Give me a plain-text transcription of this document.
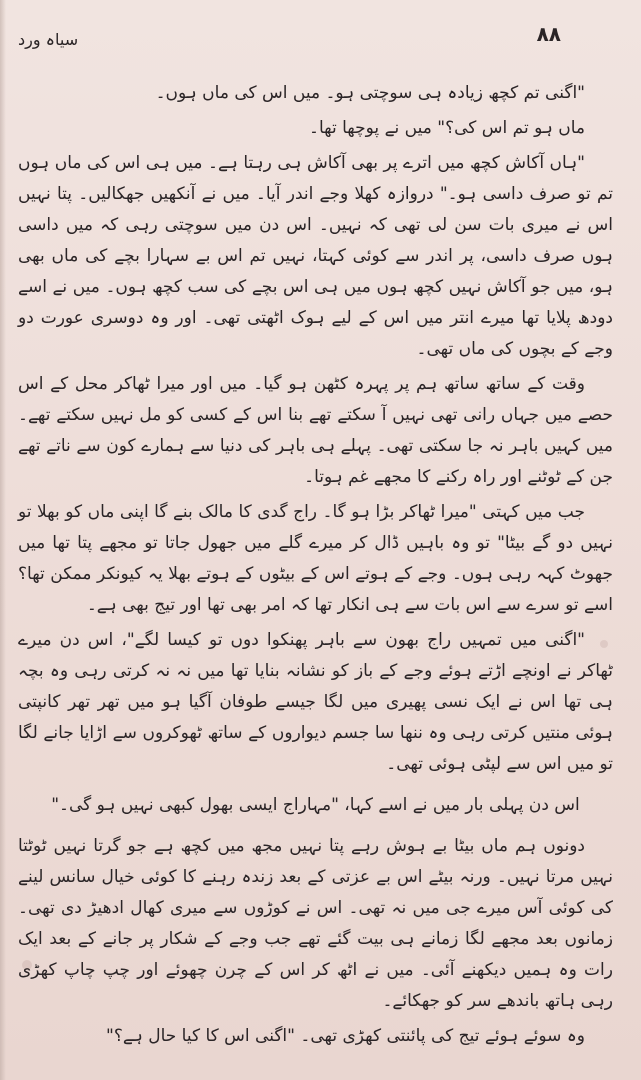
سیاہ ورد	۸۸

"اگنی تم کچھ زیادہ ہی سوچتی ہو۔ میں اس کی ماں ہوں۔

ماں ہو تم اس کی؟" میں نے پوچھا تھا۔

"ہاں آکاش کچھ میں اترے پر بھی آکاش ہی رہتا ہے۔ میں ہی اس کی ماں ہوں تم تو صرف داسی ہو۔" دروازہ کھلا وجے اندر آیا۔ میں نے آنکھیں جھکالیں۔ پتا نہیں اس نے میری بات سن لی تھی کہ نہیں۔ اس دن میں سوچتی رہی کہ میں داسی ہوں صرف داسی، پر اندر سے کوئی کہتا، نہیں تم اس بے سہارا بچے کی ماں بھی ہو، میں جو آکاش نہیں کچھ ہوں میں ہی اس بچے کی سب کچھ ہوں۔ میں نے اسے دودھ پلایا تھا میرے انتر میں اس کے لیے ہوک اٹھتی تھی۔ اور وہ دوسری عورت دو وجے کے بچوں کی ماں تھی۔

وقت کے ساتھ ساتھ ہم پر پہرہ کٹھن ہو گیا۔ میں اور میرا ٹھاکر محل کے اس حصے میں جہاں رانی تھی نہیں آ سکتے تھے بنا اس کے کسی کو مل نہیں سکتے تھے۔ میں کہیں باہر نہ جا سکتی تھی۔ پہلے ہی باہر کی دنیا سے ہمارے کون سے ناتے تھے جن کے ٹوٹنے اور راہ رکنے کا مجھے غم ہوتا۔

جب میں کہتی "میرا ٹھاکر بڑا ہو گا۔ راج گدی کا مالک بنے گا اپنی ماں کو بھلا تو نہیں دو گے بیٹا" تو وہ باہیں ڈال کر میرے گلے میں جھول جاتا تو مجھے پتا تھا میں جھوٹ کہہ رہی ہوں۔ وجے کے ہوتے اس کے بیٹوں کے ہوتے بھلا یہ کیونکر ممکن تھا؟ اسے تو سرے سے اس بات سے ہی انکار تھا کہ امر بھی تھا اور تیج بھی ہے۔

"اگنی میں تمہیں راج بھون سے باہر پھنکوا دوں تو کیسا لگے"، اس دن میرے ٹھاکر نے اونچے اڑتے ہوئے وجے کے باز کو نشانہ بنایا تھا میں نہ نہ کرتی رہی وہ بچہ ہی تھا اس نے ایک نسی پھیری میں لگا جیسے طوفان آگیا ہو میں تھر تھر کانپتی ہوئی منتیں کرتی رہی وہ ننھا سا جسم دیواروں کے ساتھ ٹھوکروں سے اڑایا جانے لگا تو میں اس سے لپٹی ہوئی تھی۔

اس دن پہلی بار میں نے اسے کہا، "مہاراج ایسی بھول کبھی نہیں ہو گی۔"

دونوں ہم ماں بیٹا بے ہوش رہے پتا نہیں مجھ میں کچھ ہے جو گرتا نہیں ٹوٹتا نہیں مرتا نہیں۔ ورنہ بیٹے اس بے عزتی کے بعد زندہ رہنے کا کوئی خیال سانس لینے کی کوئی آس میرے جی میں نہ تھی۔ اس نے کوڑوں سے میری کھال ادھیڑ دی تھی۔ زمانوں بعد مجھے لگا زمانے ہی بیت گئے تھے جب وجے کے شکار پر جانے کے بعد ایک رات وہ ہمیں دیکھنے آئی۔ میں نے اٹھ کر اس کے چرن چھوئے اور چپ چاپ کھڑی رہی ہاتھ باندھے سر کو جھکائے۔

وہ سوئے ہوئے تیج کی پائنتی کھڑی تھی۔ "اگنی اس کا کیا حال ہے؟"
